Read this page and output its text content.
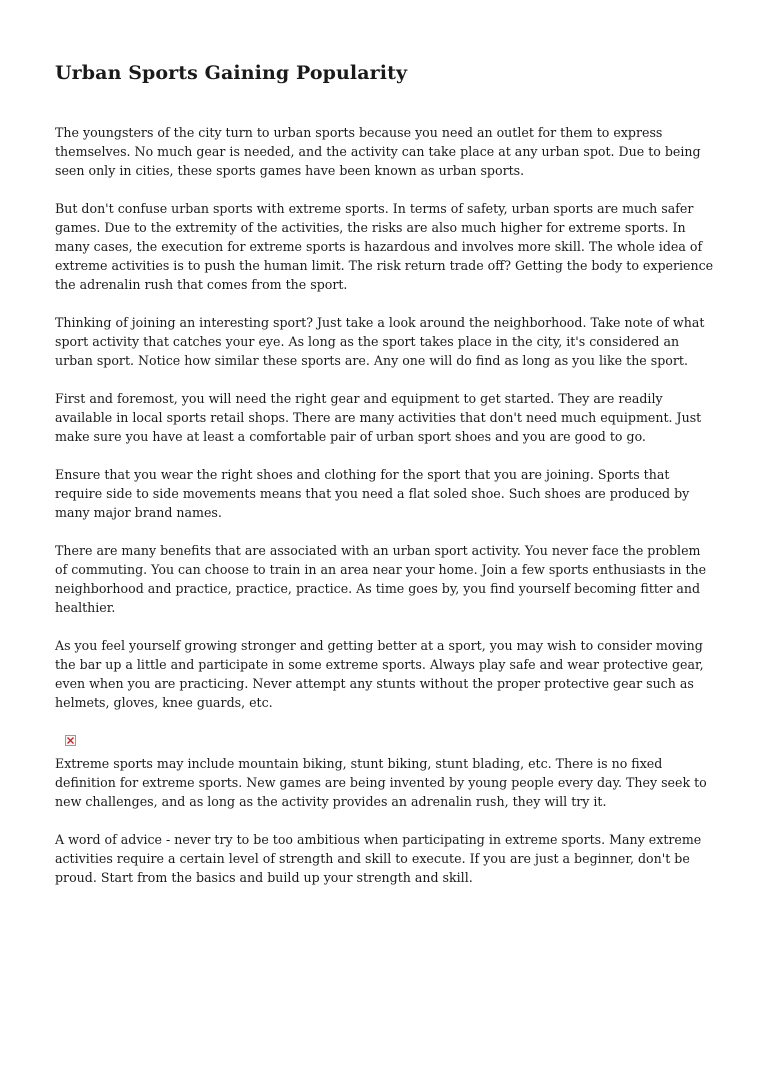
Urban Sports Gaining Popularity

The youngsters of the city turn to urban sports because you need an outlet for them to express themselves. No much gear is needed, and the activity can take place at any urban spot. Due to being seen only in cities, these sports games have been known as urban sports.

But don't confuse urban sports with extreme sports. In terms of safety, urban sports are much safer games. Due to the extremity of the activities, the risks are also much higher for extreme sports. In many cases, the execution for extreme sports is hazardous and involves more skill. The whole idea of extreme activities is to push the human limit. The risk return trade off? Getting the body to experience the adrenalin rush that comes from the sport.

Thinking of joining an interesting sport? Just take a look around the neighborhood. Take note of what sport activity that catches your eye. As long as the sport takes place in the city, it's considered an urban sport. Notice how similar these sports are. Any one will do find as long as you like the sport.

First and foremost, you will need the right gear and equipment to get started. They are readily available in local sports retail shops. There are many activities that don't need much equipment. Just make sure you have at least a comfortable pair of urban sport shoes and you are good to go.

Ensure that you wear the right shoes and clothing for the sport that you are joining. Sports that require side to side movements means that you need a flat soled shoe. Such shoes are produced by many major brand names.

There are many benefits that are associated with an urban sport activity. You never face the problem of commuting. You can choose to train in an area near your home. Join a few sports enthusiasts in the neighborhood and practice, practice, practice. As time goes by, you find yourself becoming fitter and healthier.

As you feel yourself growing stronger and getting better at a sport, you may wish to consider moving the bar up a little and participate in some extreme sports. Always play safe and wear protective gear, even when you are practicing. Never attempt any stunts without the proper protective gear such as helmets, gloves, knee guards, etc.

Extreme sports may include mountain biking, stunt biking, stunt blading, etc. There is no fixed definition for extreme sports. New games are being invented by young people every day. They seek to new challenges, and as long as the activity provides an adrenalin rush, they will try it.

A word of advice - never try to be too ambitious when participating in extreme sports. Many extreme activities require a certain level of strength and skill to execute. If you are just a beginner, don't be proud. Start from the basics and build up your strength and skill.
